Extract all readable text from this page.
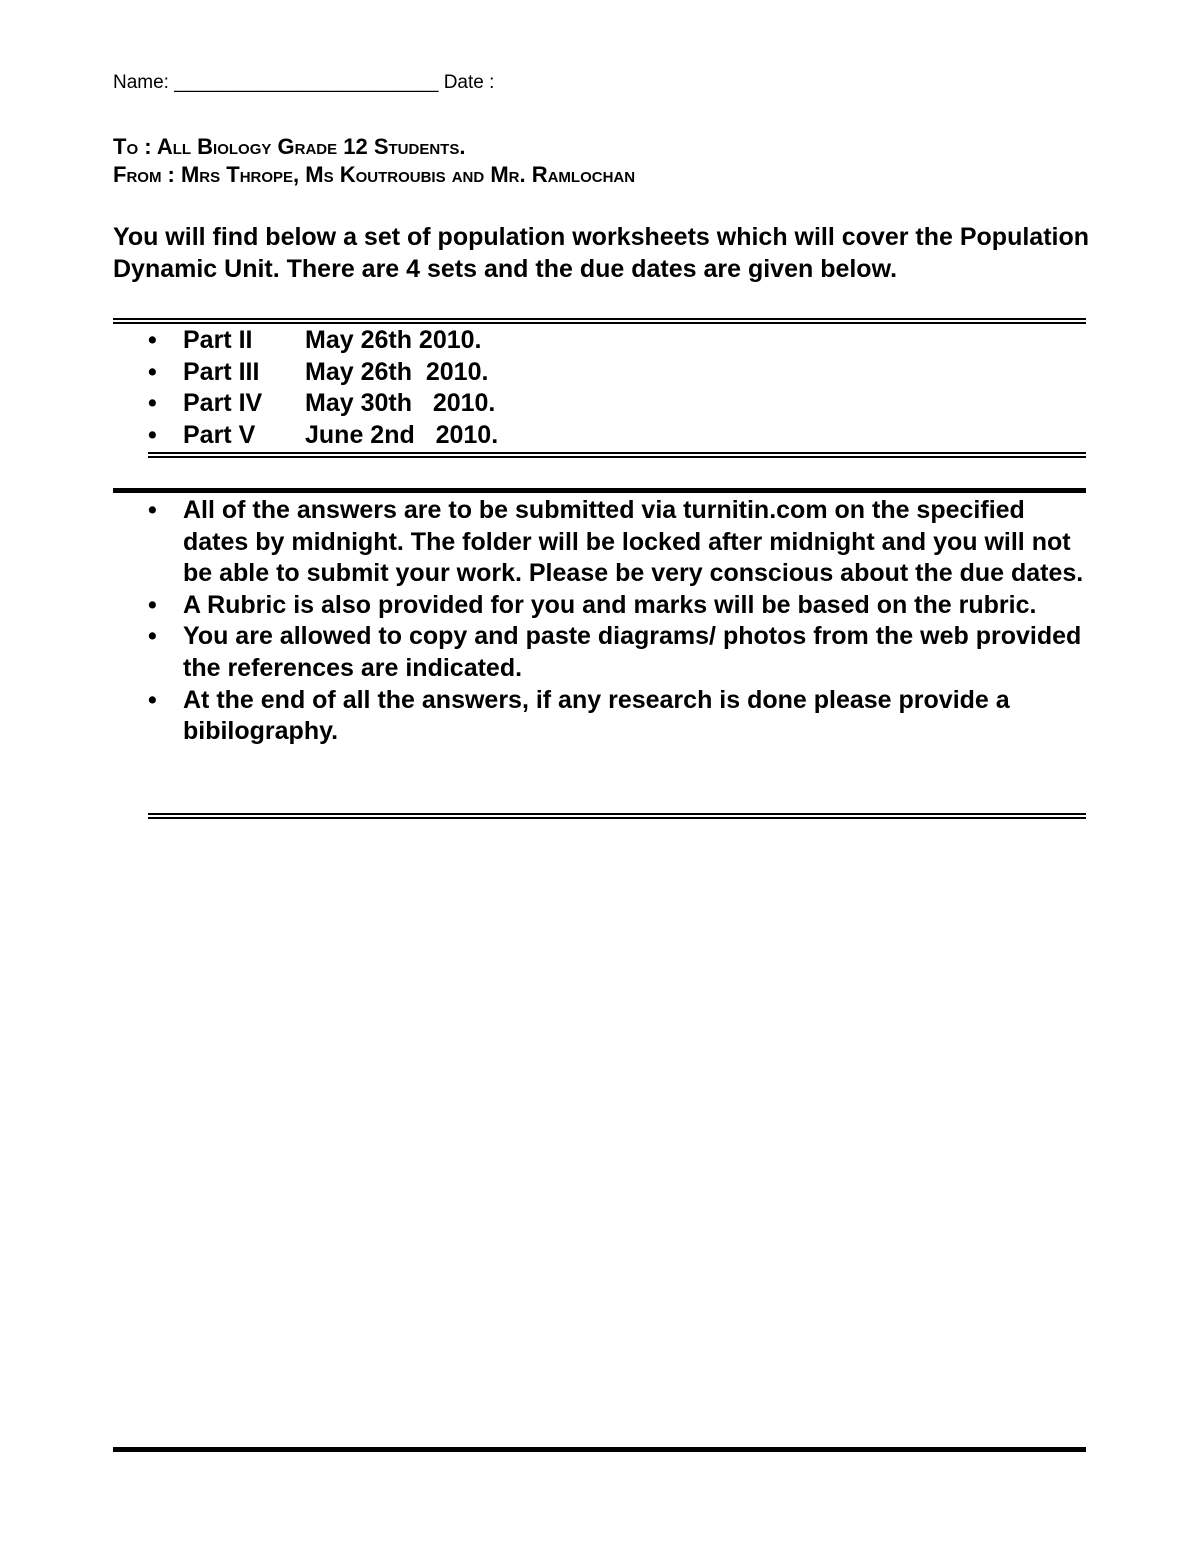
Name: _________________________ Date :
To : All Biology Grade 12 Students.
From : Mrs Thrope, Ms Koutroubis and Mr. Ramlochan
You will find below a set of population worksheets which will cover the Population Dynamic Unit. There are 4 sets and the due dates are given below.
• Part II May 26th 2010.
• Part III May 26th  2010.
• Part IV May 30th   2010.
• Part V June 2nd   2010.
• All of the answers are to be submitted via turnitin.com on the specified dates by midnight. The folder will be locked after midnight and you will not be able to submit your work. Please be very conscious about the due dates.
• A Rubric is also provided for you and marks will be based on the rubric.
• You are allowed to copy and paste diagrams/ photos from the web provided the references are indicated.
• At the end of all the answers, if any research is done please provide a bibilography.
